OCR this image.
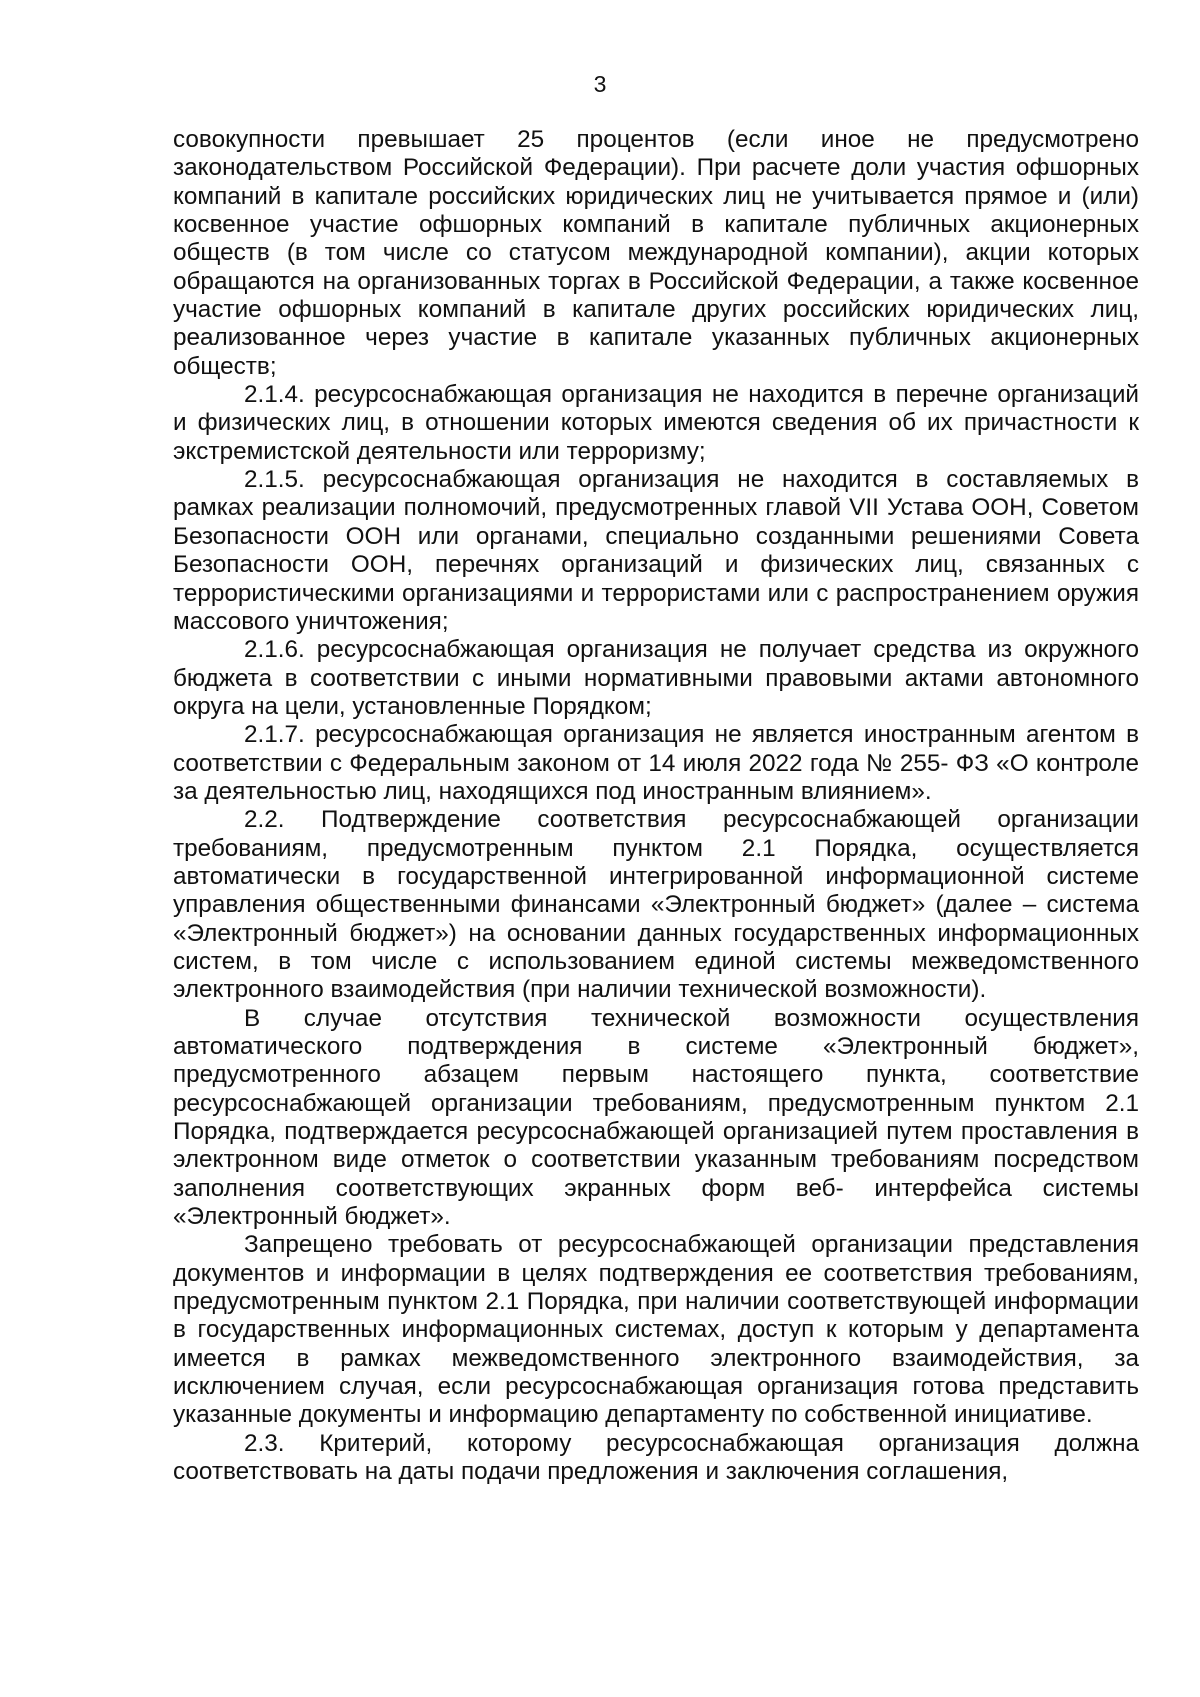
3

совокупности превышает 25 процентов (если иное не предусмотрено законодательством Российской Федерации). При расчете доли участия офшорных компаний в капитале российских юридических лиц не учитывается прямое и (или) косвенное участие офшорных компаний в капитале публичных акционерных обществ (в том числе со статусом международной компании), акции которых обращаются на организованных торгах в Российской Федерации, а также косвенное участие офшорных компаний в капитале других российских юридических лиц, реализованное через участие в капитале указанных публичных акционерных обществ;

2.1.4. ресурсоснабжающая организация не находится в перечне организаций и физических лиц, в отношении которых имеются сведения об их причастности к экстремистской деятельности или терроризму;

2.1.5. ресурсоснабжающая организация не находится в составляемых в рамках реализации полномочий, предусмотренных главой VII Устава ООН, Советом Безопасности ООН или органами, специально созданными решениями Совета Безопасности ООН, перечнях организаций и физических лиц, связанных с террористическими организациями и террористами или с распространением оружия массового уничтожения;

2.1.6. ресурсоснабжающая организация не получает средства из окружного бюджета в соответствии с иными нормативными правовыми актами автономного округа на цели, установленные Порядком;

2.1.7. ресурсоснабжающая организация не является иностранным агентом в соответствии с Федеральным законом от 14 июля 2022 года № 255- ФЗ «О контроле за деятельностью лиц, находящихся под иностранным влиянием».

2.2. Подтверждение соответствия ресурсоснабжающей организации требованиям, предусмотренным пунктом 2.1 Порядка, осуществляется автоматически в государственной интегрированной информационной системе управления общественными финансами «Электронный бюджет» (далее – система «Электронный бюджет») на основании данных государственных информационных систем, в том числе с использованием единой системы межведомственного электронного взаимодействия (при наличии технической возможности).

В случае отсутствия технической возможности осуществления автоматического подтверждения в системе «Электронный бюджет», предусмотренного абзацем первым настоящего пункта, соответствие ресурсоснабжающей организации требованиям, предусмотренным пунктом 2.1 Порядка, подтверждается ресурсоснабжающей организацией путем проставления в электронном виде отметок о соответствии указанным требованиям посредством заполнения соответствующих экранных форм веб- интерфейса системы «Электронный бюджет».

Запрещено требовать от ресурсоснабжающей организации представления документов и информации в целях подтверждения ее соответствия требованиям, предусмотренным пунктом 2.1 Порядка, при наличии соответствующей информации в государственных информационных системах, доступ к которым у департамента имеется в рамках межведомственного электронного взаимодействия, за исключением случая, если ресурсоснабжающая организация готова представить указанные документы и информацию департаменту по собственной инициативе.

2.3. Критерий, которому ресурсоснабжающая организация должна соответствовать на даты подачи предложения и заключения соглашения,
